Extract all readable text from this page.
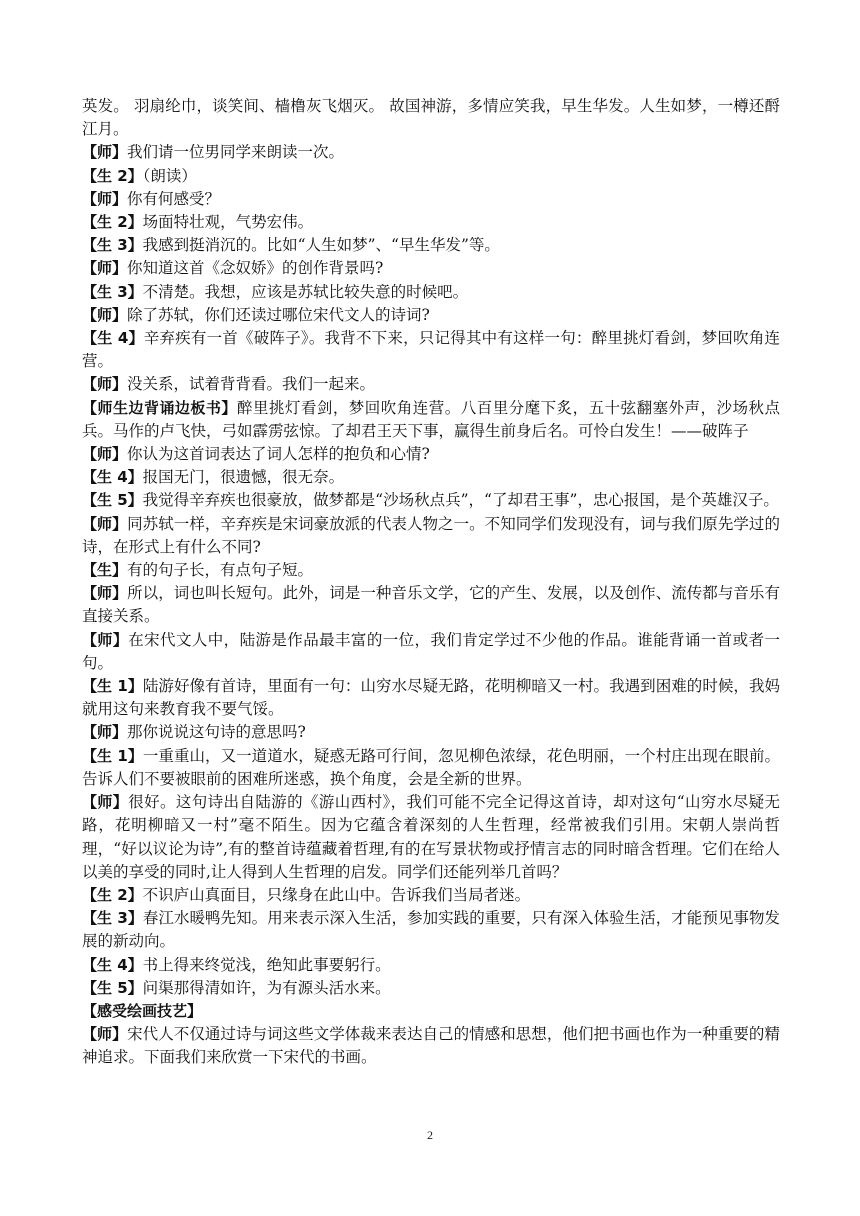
英发。 羽扇纶巾，谈笑间、樯橹灰飞烟灭。 故国神游，多情应笑我，早生华发。人生如梦，一樽还酹江月。

【师】我们请一位男同学来朗读一次。

【生 2】（朗读）

【师】你有何感受？

【生 2】场面特壮观，气势宏伟。

【生 3】我感到挺消沉的。比如“人生如梦”、“早生华发”等。

【师】你知道这首《念奴娇》的创作背景吗?

【生 3】不清楚。我想，应该是苏轼比较失意的时候吧。

【师】除了苏轼，你们还读过哪位宋代文人的诗词?

【生 4】辛弃疾有一首《破阵子》。我背不下来，只记得其中有这样一句：醉里挑灯看剑，梦回吹角连营。

【师】没关系，试着背背看。我们一起来。

【师生边背诵边板书】醉里挑灯看剑，梦回吹角连营。八百里分麾下炙，五十弦翻塞外声，沙场秋点兵。马作的卢飞快，弓如霹雳弦惊。了却君王天下事，赢得生前身后名。可怜白发生！——破阵子

【师】你认为这首词表达了词人怎样的抱负和心情?

【生 4】报国无门，很遗憾，很无奈。

【生 5】我觉得辛弃疾也很豪放，做梦都是“沙场秋点兵”，“了却君王事”，忠心报国，是个英雄汉子。

【师】同苏轼一样，辛弃疾是宋词豪放派的代表人物之一。不知同学们发现没有，词与我们原先学过的诗，在形式上有什么不同?

【生】有的句子长，有点句子短。

【师】所以，词也叫长短句。此外，词是一种音乐文学，它的产生、发展，以及创作、流传都与音乐有直接关系。

【师】在宋代文人中，陆游是作品最丰富的一位，我们肯定学过不少他的作品。谁能背诵一首或者一句。

【生 1】陆游好像有首诗，里面有一句：山穷水尽疑无路，花明柳暗又一村。我遇到困难的时候，我妈就用这句来教育我不要气馁。

【师】那你说说这句诗的意思吗?

【生 1】一重重山，又一道道水，疑惑无路可行间，忽见柳色浓绿，花色明丽，一个村庄出现在眼前。告诉人们不要被眼前的困难所迷惑，换个角度，会是全新的世界。

【师】很好。这句诗出自陆游的《游山西村》，我们可能不完全记得这首诗，却对这句“山穷水尽疑无路，花明柳暗又一村”毫不陌生。因为它蕴含着深刻的人生哲理，经常被我们引用。宋朝人崇尚哲理，“好以议论为诗”,有的整首诗蕴藏着哲理,有的在写景状物或抒情言志的同时暗含哲理。它们在给人以美的享受的同时,让人得到人生哲理的启发。同学们还能列举几首吗？

【生 2】不识庐山真面目，只缘身在此山中。告诉我们当局者迷。

【生 3】春江水暖鸭先知。用来表示深入生活，参加实践的重要，只有深入体验生活，才能预见事物发展的新动向。

【生 4】书上得来终觉浅，绝知此事要躬行。

【生 5】问渠那得清如许，为有源头活水来。

【感受绘画技艺】

【师】宋代人不仅通过诗与词这些文学体裁来表达自己的情感和思想，他们把书画也作为一种重要的精神追求。下面我们来欣赏一下宋代的书画。

2
